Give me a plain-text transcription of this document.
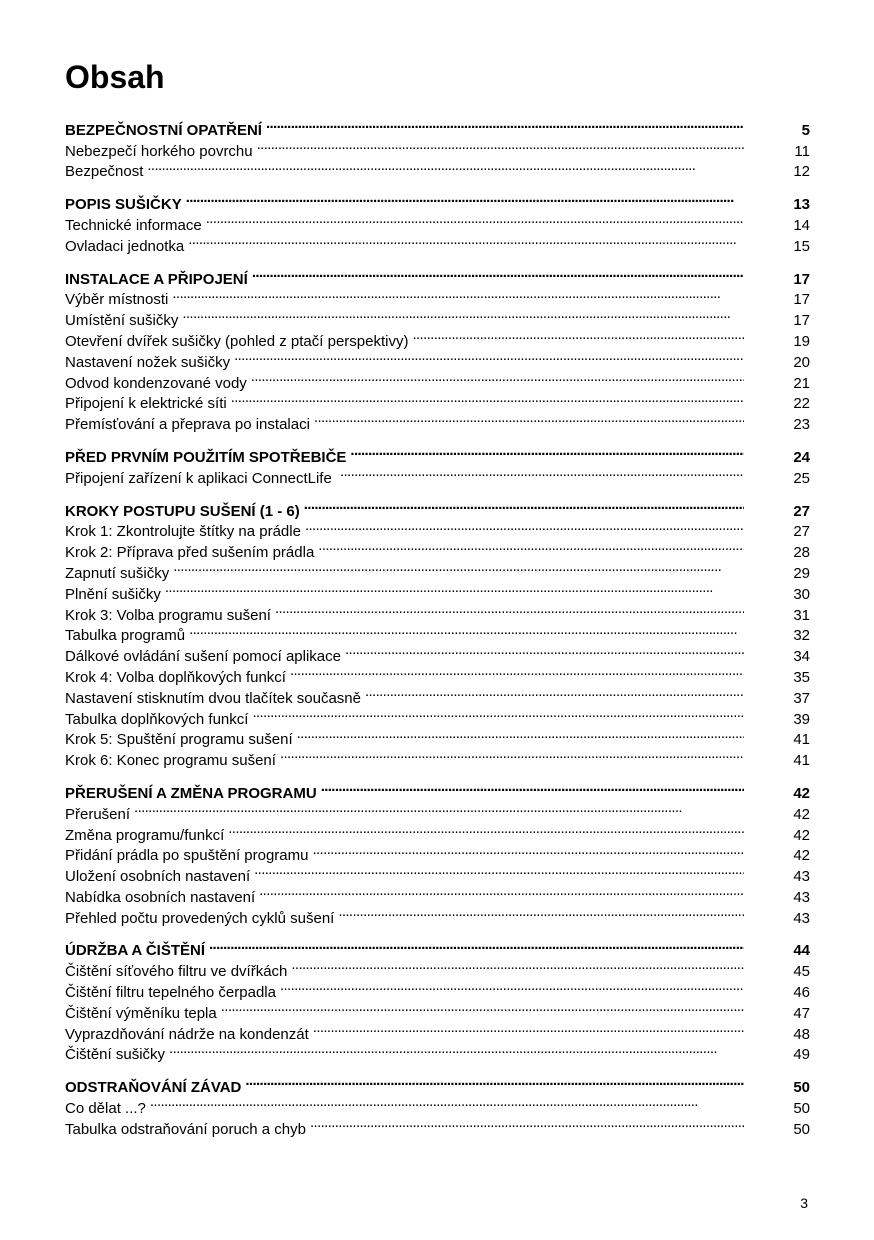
Obsah
BEZPEČNOSTNÍ OPATŘENÍ . . .	5
Nebezpečí horkého povrchu . . .	11
Bezpečnost . . .	12
POPIS SUŠIČKY . . .	13
Technické informace . . .	14
Ovladaci jednotka . . .	15
INSTALACE A PŘIPOJENÍ . . .	17
Výběr místnosti . . .	17
Umístění sušičky . . .	17
Otevření dvířek sušičky (pohled z ptačí perspektivy) . . .	19
Nastavení nožek sušičky . . .	20
Odvod kondenzované vody . . .	21
Připojení k elektrické síti . . .	22
Přemísťování a přeprava po instalaci . . .	23
PŘED PRVNÍM POUŽITÍM SPOTŘEBIČE . . .	24
Připojení zařízení k aplikaci ConnectLife . . .	25
KROKY POSTUPU SUŠENÍ (1 - 6) . . .	27
Krok 1: Zkontrolujte štítky na prádle . . .	27
Krok 2: Příprava před sušením prádla . . .	28
Zapnutí sušičky . . .	29
Plnění sušičky . . .	30
Krok 3: Volba programu sušení . . .	31
Tabulka programů . . .	32
Dálkové ovládání sušení pomocí aplikace . . .	34
Krok 4: Volba doplňkových funkcí . . .	35
Nastavení stisknutím dvou tlačítek současně . . .	37
Tabulka doplňkových funkcí . . .	39
Krok 5: Spuštění programu sušení . . .	41
Krok 6: Konec programu sušení . . .	41
PŘERUŠENÍ A ZMĚNA PROGRAMU . . .	42
Přerušení . . .	42
Změna programu/funkcí . . .	42
Přidání prádla po spuštění programu . . .	42
Uložení osobních nastavení . . .	43
Nabídka osobních nastavení . . .	43
Přehled počtu provedených cyklů sušení . . .	43
ÚDRŽBA A ČIŠTĚNÍ . . .	44
Čištění síťového filtru ve dvířkách . . .	45
Čištění filtru tepelného čerpadla . . .	46
Čištění výměníku tepla . . .	47
Vyprazdňování nádrže na kondenzát . . .	48
Čištění sušičky . . .	49
ODSTRAŇOVÁNÍ ZÁVAD . . .	50
Co dělat ...? . . .	50
Tabulka odstraňování poruch a chyb . . .	50
3
